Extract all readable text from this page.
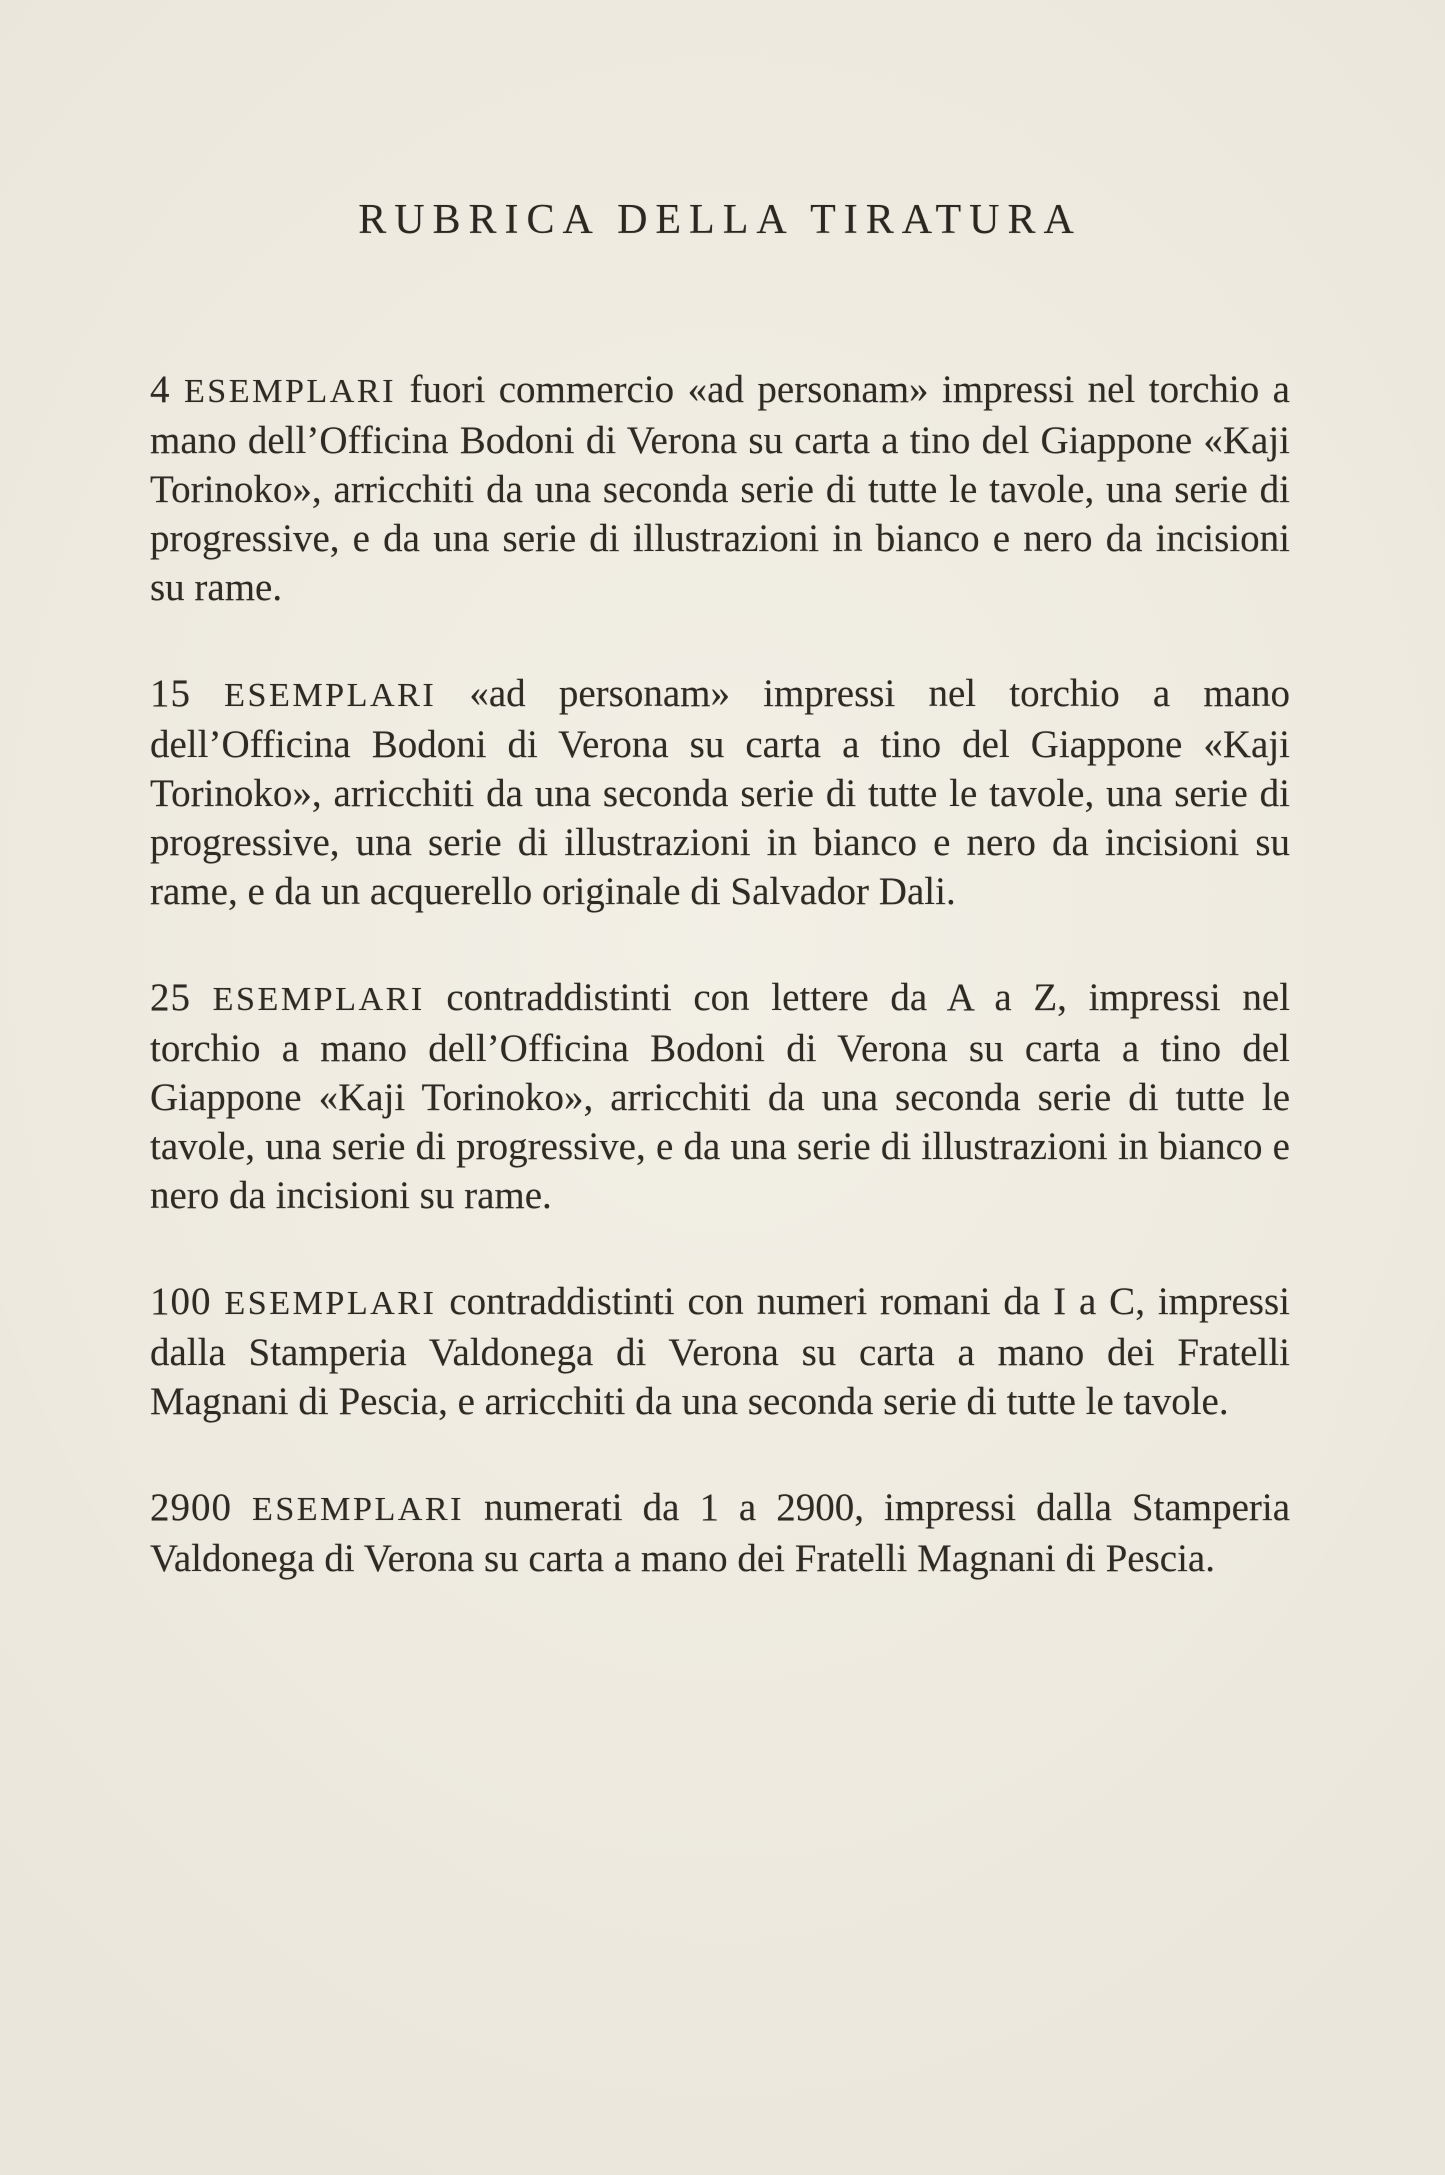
RUBRICA DELLA TIRATURA

4 ESEMPLARI fuori commercio «ad personam» impressi nel torchio a mano dell’Officina Bodoni di Verona su carta a tino del Giappone «Kaji Torinoko», arricchiti da una seconda serie di tutte le tavole, una serie di progressive, e da una serie di illustrazioni in bianco e nero da incisioni su rame.

15 ESEMPLARI «ad personam» impressi nel torchio a mano dell’Officina Bodoni di Verona su carta a tino del Giappone «Kaji Torinoko», arricchiti da una seconda serie di tutte le tavole, una serie di progressive, una serie di illustrazioni in bianco e nero da incisioni su rame, e da un acquerello originale di Salvador Dali.

25 ESEMPLARI contraddistinti con lettere da A a Z, impressi nel torchio a mano dell’Officina Bodoni di Verona su carta a tino del Giappone «Kaji Torinoko», arricchiti da una seconda serie di tutte le tavole, una serie di progressive, e da una serie di illustrazioni in bianco e nero da incisioni su rame.

100 ESEMPLARI contraddistinti con numeri romani da I a C, impressi dalla Stamperia Valdonega di Verona su carta a mano dei Fratelli Magnani di Pescia, e arricchiti da una seconda serie di tutte le tavole.

2900 ESEMPLARI numerati da 1 a 2900, impressi dalla Stamperia Valdonega di Verona su carta a mano dei Fratelli Magnani di Pescia.
